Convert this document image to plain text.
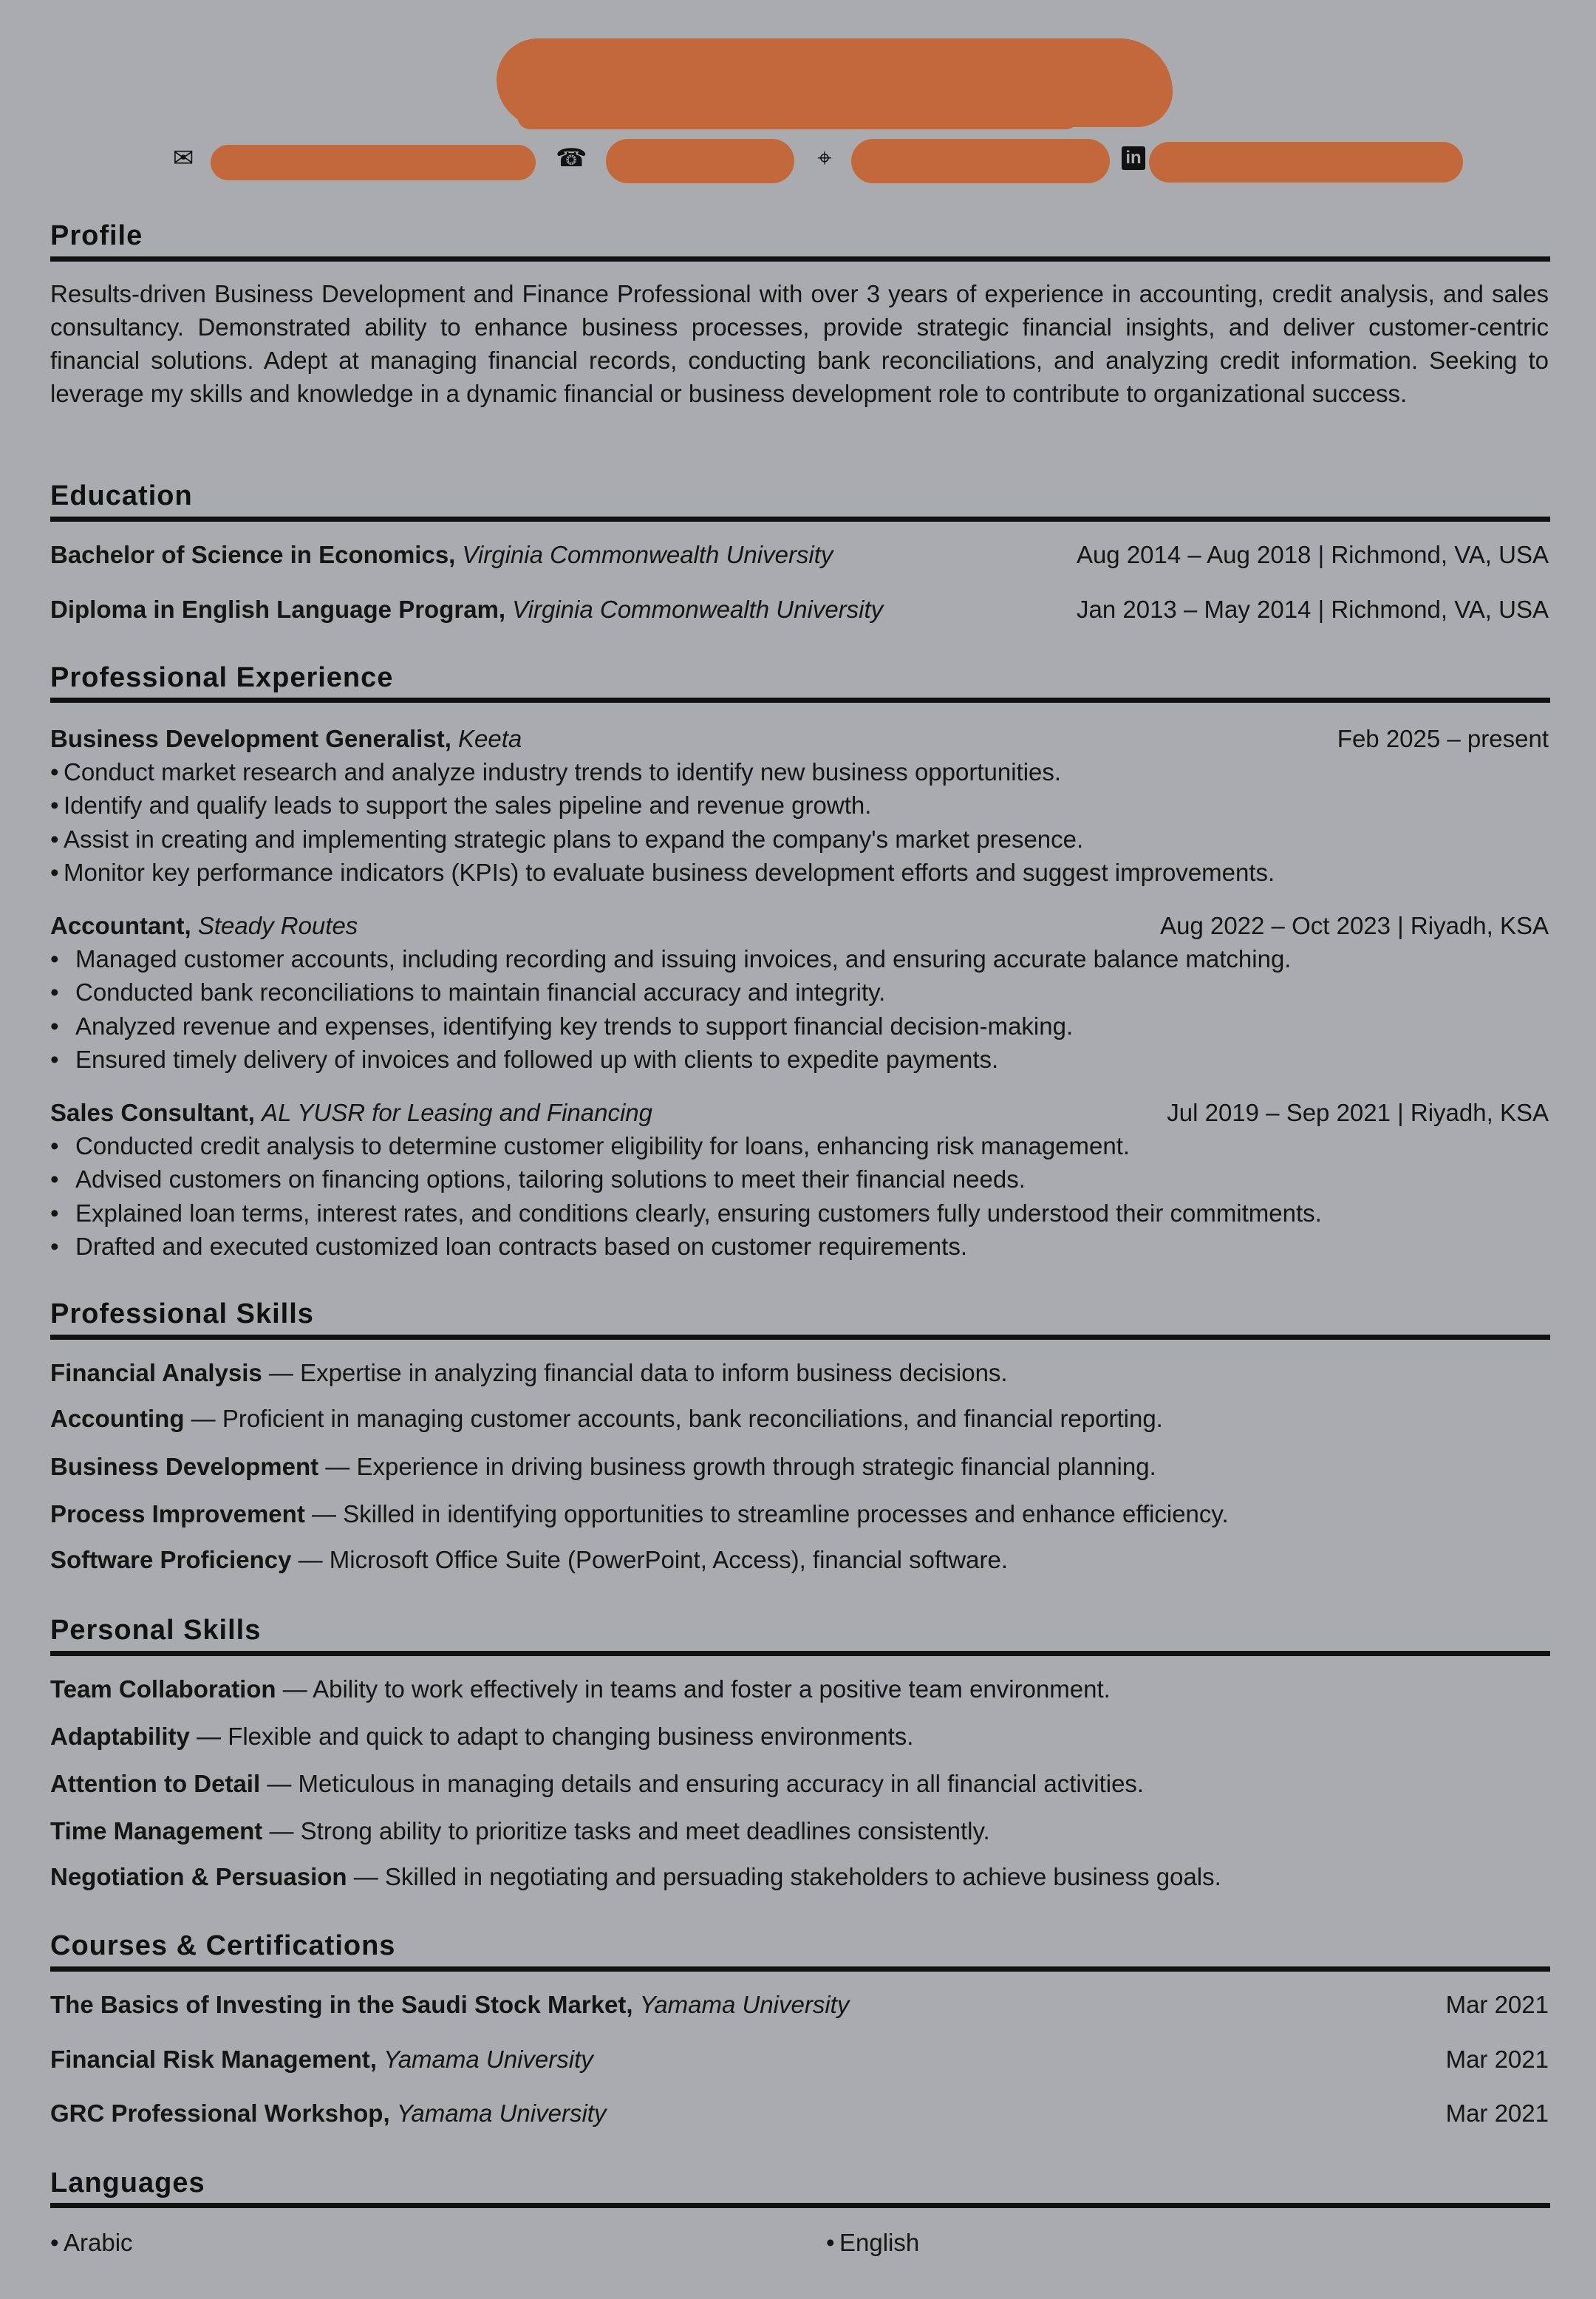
✉	☎	⌖	in
Profile

Results-driven Business Development and Finance Professional with over 3 years of experience in accounting, credit analysis, and sales consultancy. Demonstrated ability to enhance business processes, provide strategic financial insights, and deliver customer-centric financial solutions. Adept at managing financial records, conducting bank reconciliations, and analyzing credit information. Seeking to leverage my skills and knowledge in a dynamic financial or business development role to contribute to organizational success.

Education
Bachelor of Science in Economics, Virginia Commonwealth University	Aug 2014 – Aug 2018 | Richmond, VA, USA
Diploma in English Language Program, Virginia Commonwealth University	Jan 2013 – May 2014 | Richmond, VA, USA
Professional Experience
Business Development Generalist, Keeta	Feb 2025 – present
• Conduct market research and analyze industry trends to identify new business opportunities.
• Identify and qualify leads to support the sales pipeline and revenue growth.
• Assist in creating and implementing strategic plans to expand the company's market presence.
• Monitor key performance indicators (KPIs) to evaluate business development efforts and suggest improvements.
Accountant, Steady Routes	Aug 2022 – Oct 2023 | Riyadh, KSA
• Managed customer accounts, including recording and issuing invoices, and ensuring accurate balance matching.
• Conducted bank reconciliations to maintain financial accuracy and integrity.
• Analyzed revenue and expenses, identifying key trends to support financial decision-making.
• Ensured timely delivery of invoices and followed up with clients to expedite payments.
Sales Consultant, AL YUSR for Leasing and Financing	Jul 2019 – Sep 2021 | Riyadh, KSA
• Conducted credit analysis to determine customer eligibility for loans, enhancing risk management.
• Advised customers on financing options, tailoring solutions to meet their financial needs.
• Explained loan terms, interest rates, and conditions clearly, ensuring customers fully understood their commitments.
• Drafted and executed customized loan contracts based on customer requirements.
Professional Skills
Financial Analysis — Expertise in analyzing financial data to inform business decisions.
Accounting — Proficient in managing customer accounts, bank reconciliations, and financial reporting.
Business Development — Experience in driving business growth through strategic financial planning.
Process Improvement — Skilled in identifying opportunities to streamline processes and enhance efficiency.
Software Proficiency — Microsoft Office Suite (PowerPoint, Access), financial software.
Personal Skills
Team Collaboration — Ability to work effectively in teams and foster a positive team environment.
Adaptability — Flexible and quick to adapt to changing business environments.
Attention to Detail — Meticulous in managing details and ensuring accuracy in all financial activities.
Time Management — Strong ability to prioritize tasks and meet deadlines consistently.
Negotiation & Persuasion — Skilled in negotiating and persuading stakeholders to achieve business goals.
Courses & Certifications
The Basics of Investing in the Saudi Stock Market, Yamama University	Mar 2021
Financial Risk Management, Yamama University	Mar 2021
GRC Professional Workshop, Yamama University	Mar 2021
Languages
• Arabic	• English
